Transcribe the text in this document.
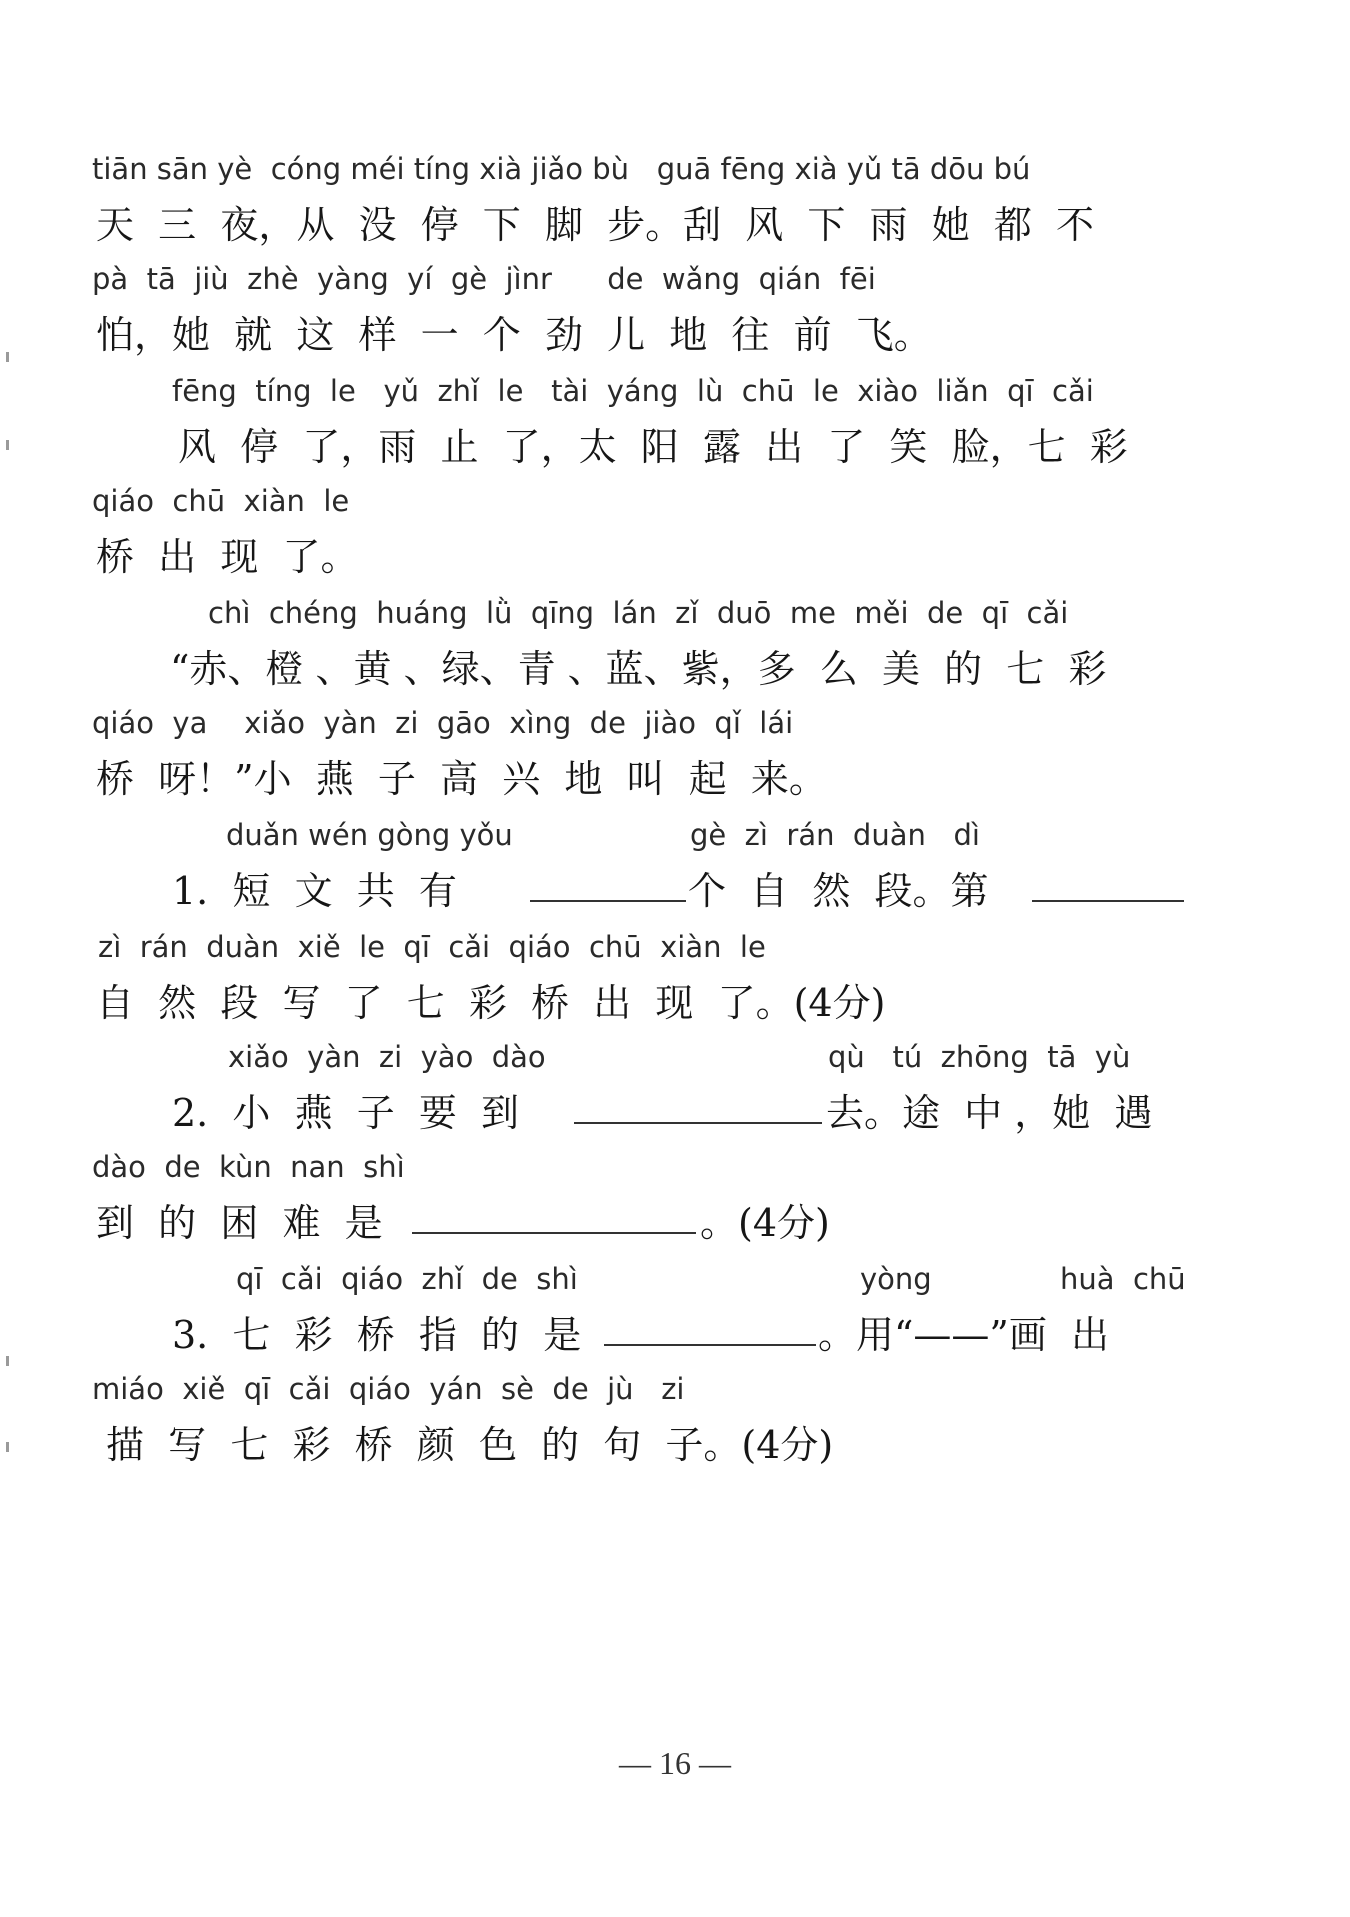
tiān sān yè  cóng méi tíng xià jiǎo bù   guā fēng xià yǔ tā dōu bú
天  三  夜，从  没  停  下  脚  步。刮  风  下  雨  她  都  不
pà  tā  jiù  zhè  yàng  yí  gè  jìnr      de  wǎng  qián  fēi
怕，她  就  这  样  一  个  劲  儿  地  往  前  飞。
fēng  tíng  le   yǔ  zhǐ  le   tài  yáng  lù  chū  le  xiào  liǎn  qī  cǎi
风  停  了，雨  止  了，太  阳  露  出  了  笑  脸，七  彩
qiáo  chū  xiàn  le
桥  出  现  了。
chì  chéng  huáng  lǜ  qīng  lán  zǐ  duō  me  měi  de  qī  cǎi
“赤、橙 、黄 、绿、青 、蓝、紫，多  么  美  的  七  彩
qiáo  ya    xiǎo  yàn  zi  gāo  xìng  de  jiào  qǐ  lái
桥  呀！”小  燕  子  高  兴  地  叫  起  来。
duǎn wén gòng yǒu	gè  zì  rán  duàn   dì
1.  短  文  共  有	个  自  然  段。第
zì  rán  duàn  xiě  le  qī  cǎi  qiáo  chū  xiàn  le
自  然  段  写  了  七  彩  桥  出  现  了。(4分)
xiǎo  yàn  zi  yào  dào	qù   tú  zhōng  tā  yù
2.  小  燕  子  要  到	去。途  中 ，她  遇
dào  de  kùn  nan  shì
到  的  困  难  是	。(4分)
qī  cǎi  qiáo  zhǐ  de  shì	yòng	huà  chū
3.  七  彩  桥  指  的  是	。用“——”画  出
miáo  xiě  qī  cǎi  qiáo  yán  sè  de  jù   zi
描  写  七  彩  桥  颜  色  的  句  子。(4分)
— 16 —
